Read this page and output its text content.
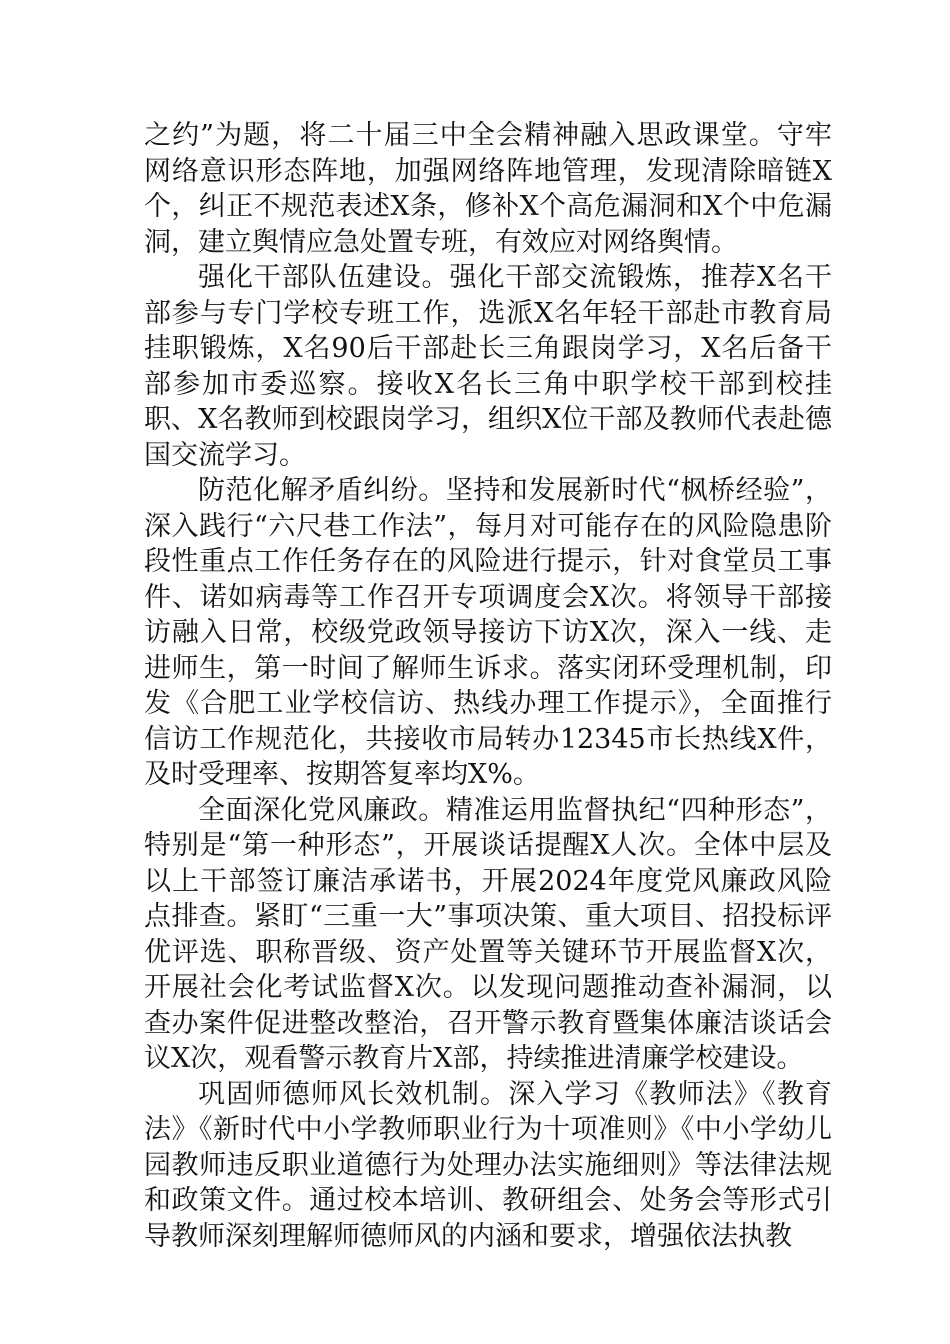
之约”为题，将二十届三中全会精神融入思政课堂。守牢网络意识形态阵地，加强网络阵地管理，发现清除暗链X个，纠正不规范表述X条，修补X个高危漏洞和X个中危漏洞，建立舆情应急处置专班，有效应对网络舆情。

强化干部队伍建设。强化干部交流锻炼，推荐X名干部参与专门学校专班工作，选派X名年轻干部赴市教育局挂职锻炼，X名90后干部赴长三角跟岗学习，X名后备干部参加市委巡察。接收X名长三角中职学校干部到校挂职、X名教师到校跟岗学习，组织X位干部及教师代表赴德国交流学习。

防范化解矛盾纠纷。坚持和发展新时代“枫桥经验”，深入践行“六尺巷工作法”，每月对可能存在的风险隐患阶段性重点工作任务存在的风险进行提示，针对食堂员工事件、诺如病毒等工作召开专项调度会X次。将领导干部接访融入日常，校级党政领导接访下访X次，深入一线、走进师生，第一时间了解师生诉求。落实闭环受理机制，印发《合肥工业学校信访、热线办理工作提示》，全面推行信访工作规范化，共接收市局转办12345市长热线X件，及时受理率、按期答复率均X%。

全面深化党风廉政。精准运用监督执纪“四种形态”，特别是“第一种形态”，开展谈话提醒X人次。全体中层及以上干部签订廉洁承诺书，开展2024年度党风廉政风险点排查。紧盯“三重一大”事项决策、重大项目、招投标评优评选、职称晋级、资产处置等关键环节开展监督X次，开展社会化考试监督X次。以发现问题推动查补漏洞，以查办案件促进整改整治，召开警示教育暨集体廉洁谈话会议X次，观看警示教育片X部，持续推进清廉学校建设。

巩固师德师风长效机制。深入学习《教师法》《教育法》《新时代中小学教师职业行为十项准则》《中小学幼儿园教师违反职业道德行为处理办法实施细则》等法律法规和政策文件。通过校本培训、教研组会、处务会等形式引导教师深刻理解师德师风的内涵和要求，增强依法执教
